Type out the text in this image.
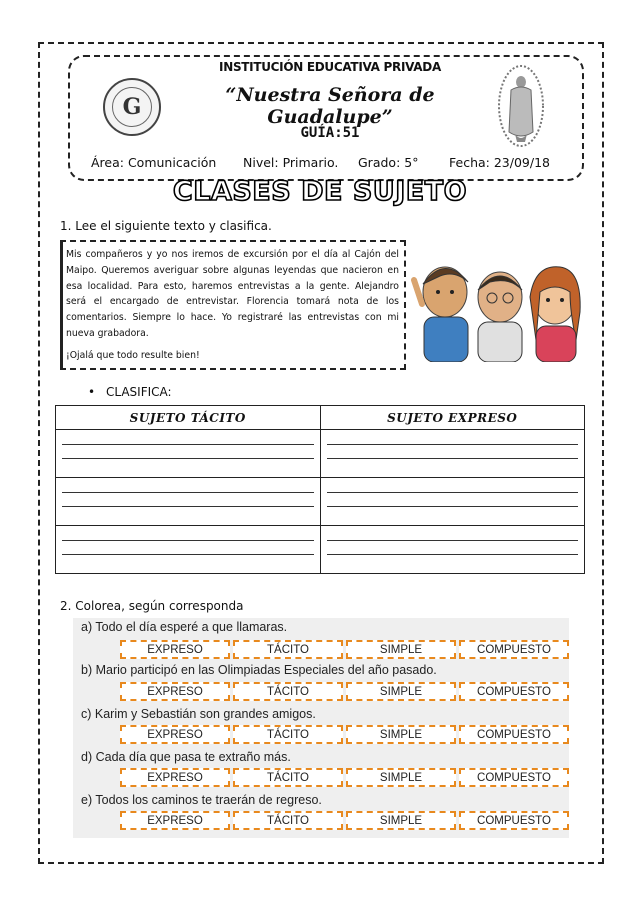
G
INSTITUCIÓN EDUCATIVA PRIVADA
“Nuestra Señora de Guadalupe”
GUÍA:51
Área: Comunicación Nivel: Primario. Grado: 5° Fecha: 23/09/18
CLASES DE SUJETO
1. Lee el siguiente texto y clasifica.
Mis compañeros y yo nos iremos de excursión por el día al Cajón del Maipo. Queremos averiguar sobre algunas leyendas que nacieron en esa localidad. Para esto, haremos entrevistas a la gente. Alejandro será el encargado de entrevistar. Florencia tomará nota de los comentarios. Siempre lo hace. Yo registraré las entrevistas con mi nueva grabadora.
¡Ojalá que todo resulte bien!
• CLASIFICA:
SUJETO TÁCITO	SUJETO EXPRESO

2. Colorea, según corresponda
a) Todo el día esperé a que llamaras.
EXPRESO	TÁCITO	SIMPLE	COMPUESTO
b) Mario participó en las Olimpiadas Especiales del año pasado.
EXPRESO	TÁCITO	SIMPLE	COMPUESTO
c) Karim y Sebastián son grandes amigos.
EXPRESO	TÁCITO	SIMPLE	COMPUESTO
d) Cada día que pasa te extraño más.
EXPRESO	TÁCITO	SIMPLE	COMPUESTO
e) Todos los caminos te traerán de regreso.
EXPRESO	TÁCITO	SIMPLE	COMPUESTO
